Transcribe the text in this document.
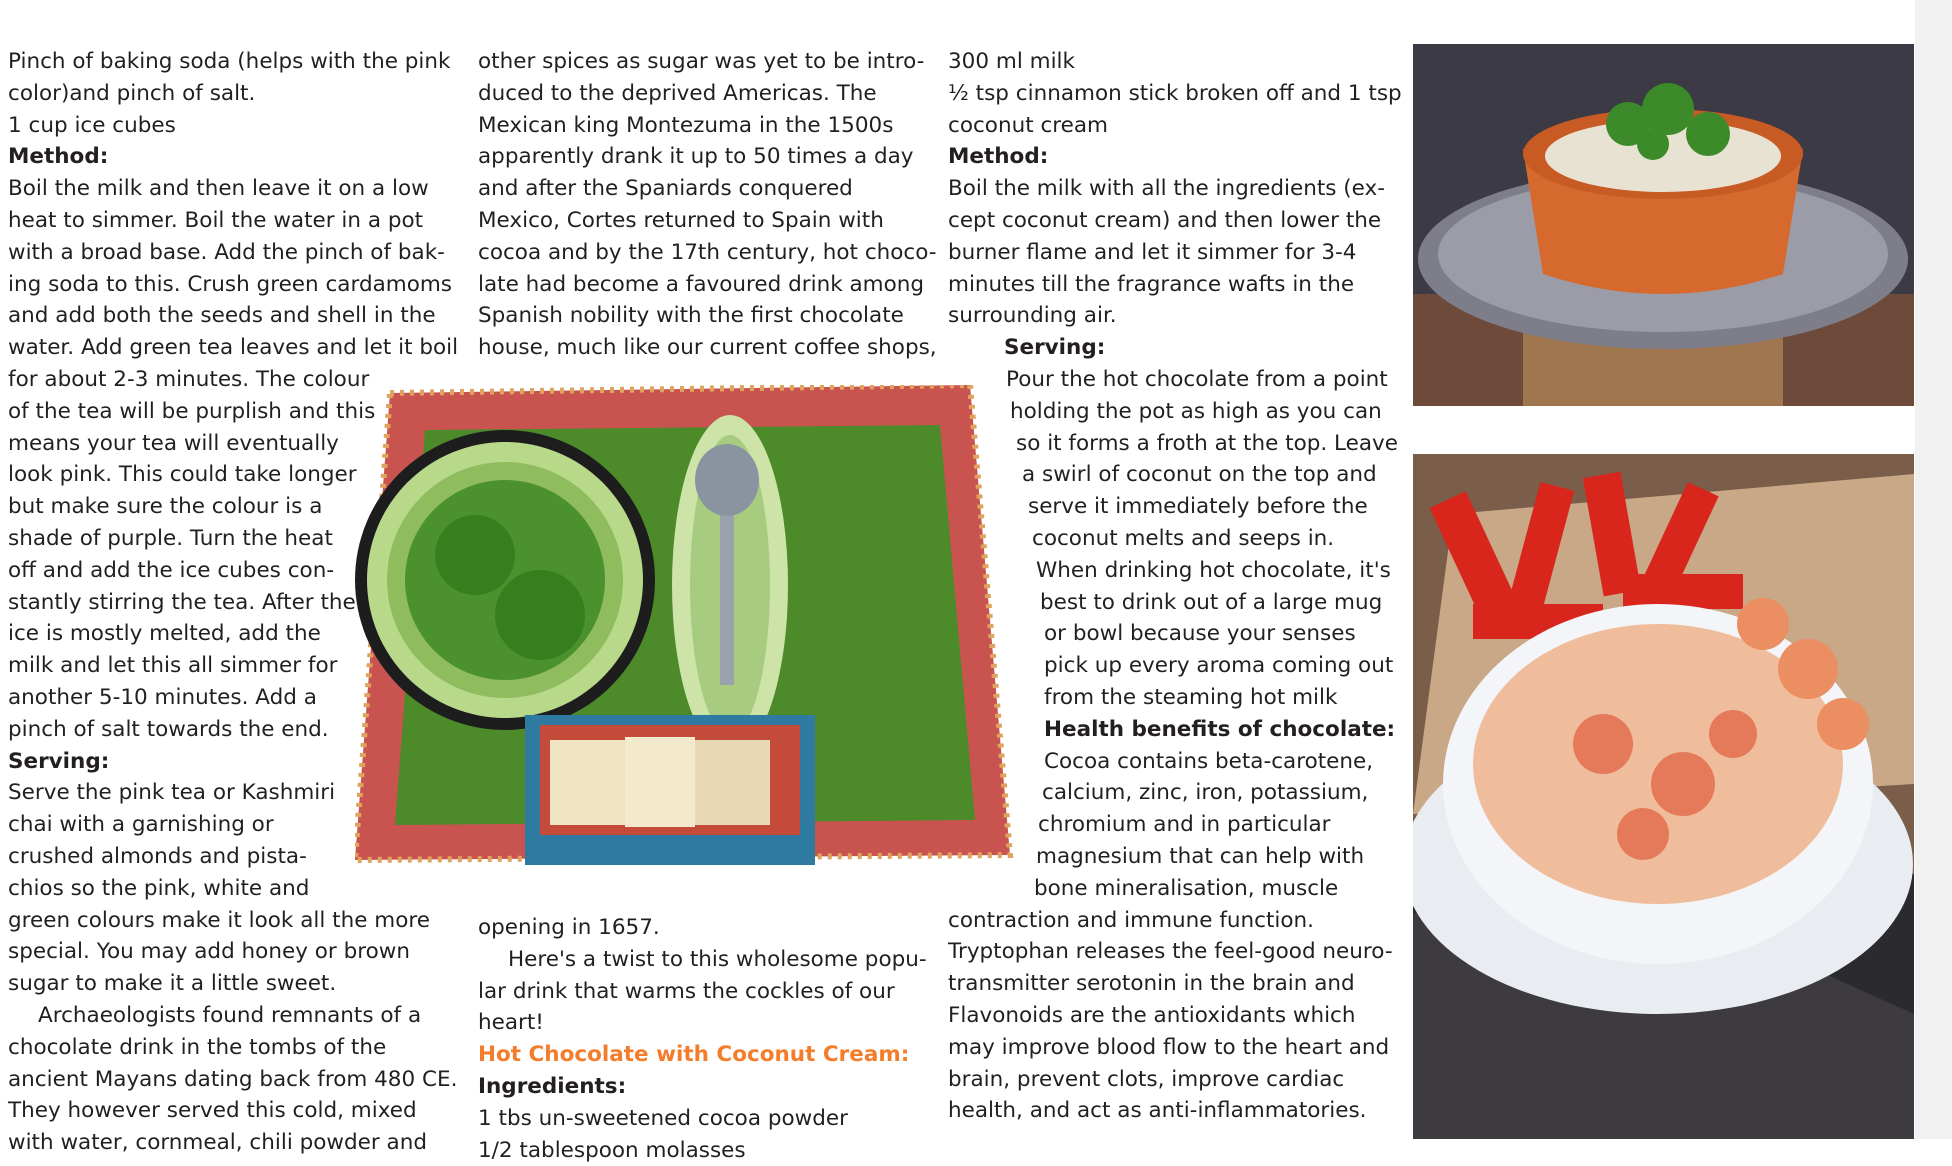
Pinch of baking soda (helps with the pink

color)and pinch of salt.

1 cup ice cubes

Method:

Boil the milk and then leave it on a low

heat to simmer. Boil the water in a pot

with a broad base. Add the pinch of bak-

ing soda to this. Crush green cardamoms

and add both the seeds and shell in the

water. Add green tea leaves and let it boil

for about 2-3 minutes. The colour

of the tea will be purplish and this

means your tea will eventually

look pink. This could take longer

but make sure the colour is a

shade of purple. Turn the heat

off and add the ice cubes con-

stantly stirring the tea. After the

ice is mostly melted, add the

milk and let this all simmer for

another 5-10 minutes. Add a

pinch of salt towards the end.

Serving:

Serve the pink tea or Kashmiri

chai with a garnishing or

crushed almonds and pista-

chios so the pink, white and

green colours make it look all the more

special. You may add honey or brown

sugar to make it a little sweet.

Archaeologists found remnants of a

chocolate drink in the tombs of the

ancient Mayans dating back from 480 CE.

They however served this cold, mixed

with water, cornmeal, chili powder and

other spices as sugar was yet to be intro-

duced to the deprived Americas. The

Mexican king Montezuma in the 1500s

apparently drank it up to 50 times a day

and after the Spaniards conquered

Mexico, Cortes returned to Spain with

cocoa and by the 17th century, hot choco-

late had become a favoured drink among

Spanish nobility with the first chocolate

house, much like our current coffee shops,

opening in 1657.

Here's a twist to this wholesome popu-

lar drink that warms the cockles of our

heart!

Hot Chocolate with Coconut Cream:

Ingredients:

1 tbs un-sweetened cocoa powder

1/2 tablespoon molasses

300 ml milk

½ tsp cinnamon stick broken off and 1 tsp

coconut cream

Method:

Boil the milk with all the ingredients (ex-

cept coconut cream) and then lower the

burner flame and let it simmer for 3-4

minutes till the fragrance wafts in the

surrounding air.

Serving:

Pour the hot chocolate from a point

holding the pot as high as you can

so it forms a froth at the top. Leave

a swirl of coconut on the top and

serve it immediately before the

coconut melts and seeps in.

When drinking hot chocolate, it's

best to drink out of a large mug

or bowl because your senses

pick up every aroma coming out

from the steaming hot milk

Health benefits of chocolate:

Cocoa contains beta-carotene,

calcium, zinc, iron, potassium,

chromium and in particular

magnesium that can help with

bone mineralisation, muscle

contraction and immune function.

Tryptophan releases the feel-good neuro-

transmitter serotonin in the brain and

Flavonoids are the antioxidants which

may improve blood flow to the heart and

brain, prevent clots, improve cardiac

health, and act as anti-inflammatories.
